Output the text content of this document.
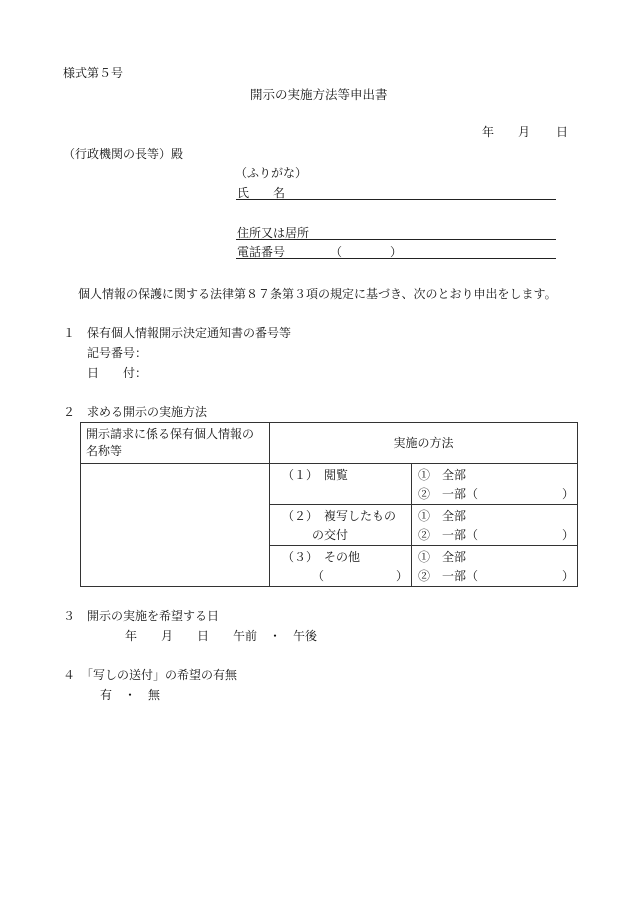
様式第５号
開示の実施方法等申出書
年 月 日
（行政機関の長等）殿
（ふりがな）
氏　　名
住所又は居所
電話番号	（　　　　）
個人情報の保護に関する法律第８７条第３項の規定に基づき、次のとおり申出をします。
１　保有個人情報開示決定通知書の番号等
記号番号：
日　　付：
２　求める開示の実施方法
開示請求に係る保有個人情報の
名称等	実施の方法	

	（１）　閲覧	①　全部
②　一部（　　　　　　　）

	（２）　複写したもの
の交付	①　全部
②　一部（　　　　　　　）

	（３）　その他
（　　　　　　）	①　全部
②　一部（　　　　　　　）
３　開示の実施を希望する日
年　　月　　日　　午前　・　午後
４　「写しの送付」の希望の有無
有　・　無
